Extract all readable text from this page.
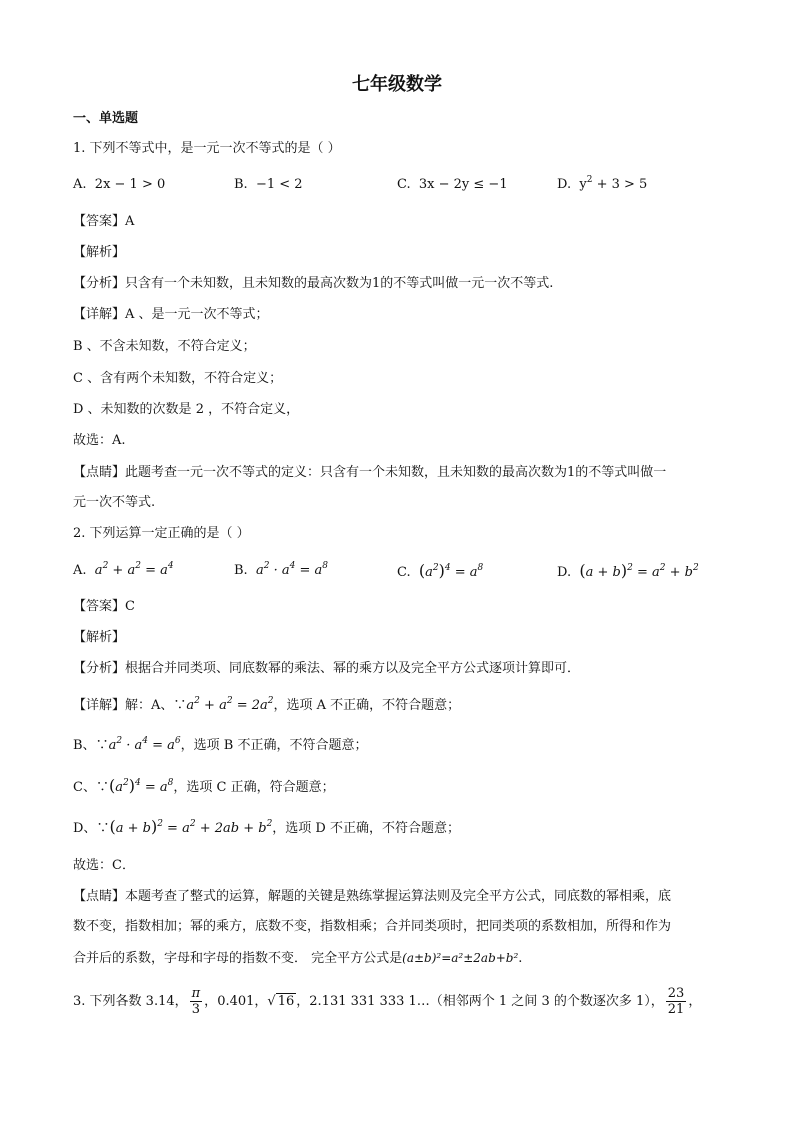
七年级数学
一、单选题
1. 下列不等式中，是一元一次不等式的是（ ）
A. 2x − 1 > 0	B. −1 < 2	C. 3x − 2y ≤ −1	D. $y^2 + 3 > 5$
【答案】A
【解析】
【分析】只含有一个未知数，且未知数的最高次数为1的不等式叫做一元一次不等式.
【详解】A 、是一元一次不等式；
B 、不含未知数，不符合定义；
C 、含有两个未知数，不符合定义；
D 、未知数的次数是 2 ，不符合定义，
故选：A.
【点睛】此题考查一元一次不等式的定义：只含有一个未知数，且未知数的最高次数为1的不等式叫做一
元一次不等式.
2. 下列运算一定正确的是（ ）
A. $a^2 + a^2 = a^4$	B. $a^2 \cdot a^4 = a^8$	C. $(a^2)^4 = a^8$	D. $(a + b)^2 = a^2 + b^2$
【答案】C
【解析】
【分析】根据合并同类项、同底数幂的乘法、幂的乘方以及完全平方公式逐项计算即可．
【详解】解：A、$\because a^2 + a^2 = 2a^2$，选项 A 不正确，不符合题意；
B、$\because a^2 \cdot a^4 = a^6$，选项 B 不正确，不符合题意；
C、$\because(a^2)^4 = a^8$，选项 C 正确，符合题意；
D、∵(a + $b)^2 = a^2 + 2ab + b^2$，选项 D 不正确，不符合题意；
故选：C．
【点睛】本题考查了整式的运算，解题的关键是熟练掌握运算法则及完全平方公式，同底数的幂相乘，底
数不变，指数相加；幂的乘方，底数不变，指数相乘；合并同类项时，把同类项的系数相加，所得和作为
合并后的系数，字母和字母的指数不变． 完全平方公式是(a±b)²=a²±2ab+b².
3. 下列各数 3.14， $\frac{\pi}{3}$ ，0.401，√ 16 ，2.131 331 333 1…（相邻两个 1 之间 3 的个数逐次多 1）， $\frac{23}{21}$ ，
